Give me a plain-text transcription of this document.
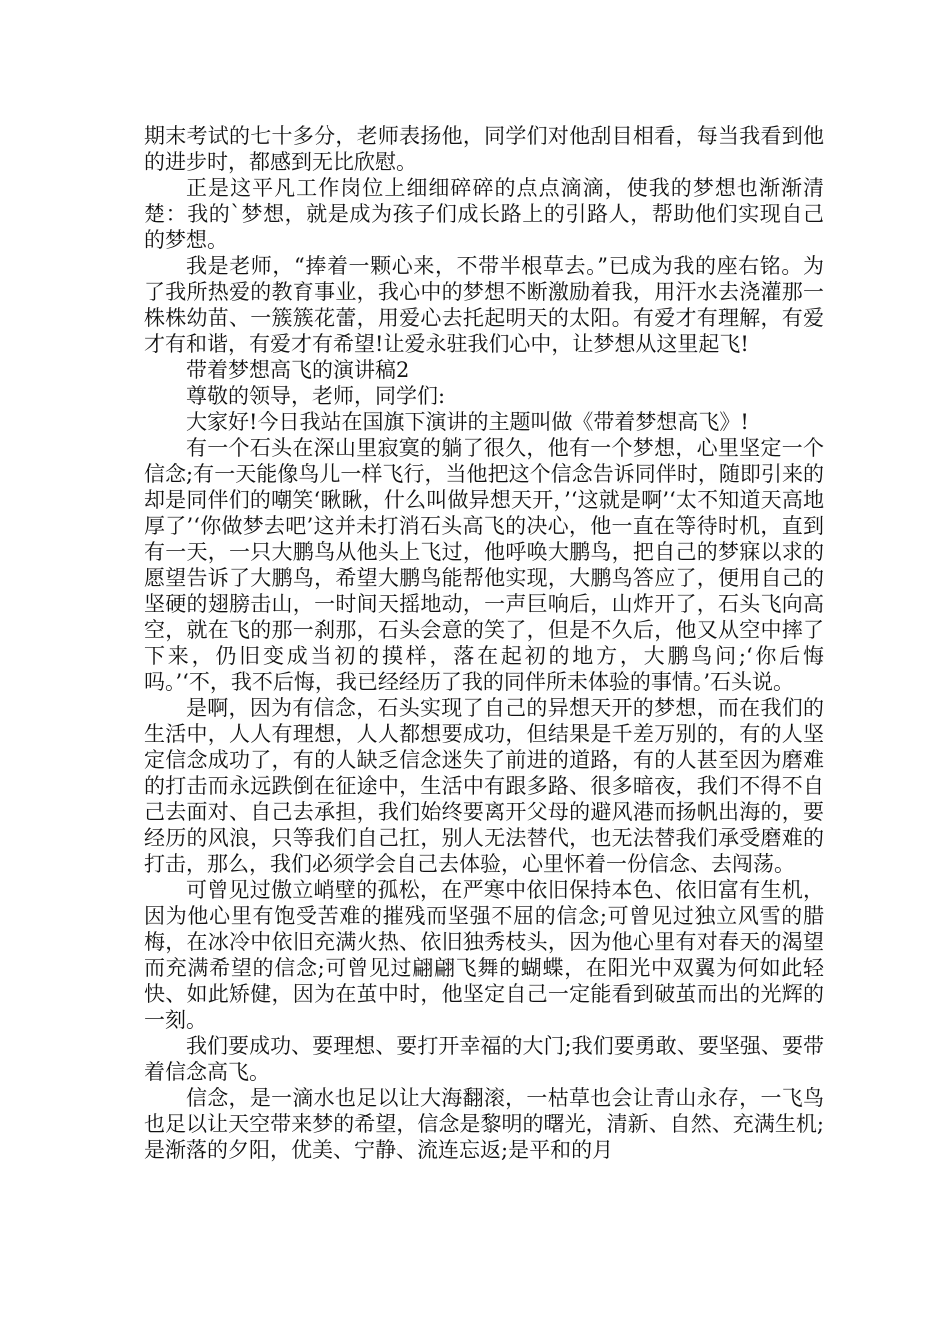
期末考试的七十多分，老师表扬他，同学们对他刮目相看，每当我看到他的进步时，都感到无比欣慰。

正是这平凡工作岗位上细细碎碎的点点滴滴，使我的梦想也渐渐清楚：我的`梦想，就是成为孩子们成长路上的引路人，帮助他们实现自己的梦想。

我是老师，“捧着一颗心来，不带半根草去。”已成为我的座右铭。为了我所热爱的教育事业，我心中的梦想不断激励着我，用汗水去浇灌那一株株幼苗、一簇簇花蕾，用爱心去托起明天的太阳。有爱才有理解，有爱才有和谐，有爱才有希望!让爱永驻我们心中，让梦想从这里起飞!

带着梦想高飞的演讲稿2

尊敬的领导，老师，同学们:

大家好!今日我站在国旗下演讲的主题叫做《带着梦想高飞》!

有一个石头在深山里寂寞的躺了很久，他有一个梦想，心里坚定一个信念;有一天能像鸟儿一样飞行，当他把这个信念告诉同伴时，随即引来的却是同伴们的嘲笑‘瞅瞅，什么叫做异想天开，’‘这就是啊’‘太不知道天高地厚了’‘你做梦去吧’这并未打消石头高飞的决心，他一直在等待时机，直到有一天，一只大鹏鸟从他头上飞过，他呼唤大鹏鸟，把自己的梦寐以求的愿望告诉了大鹏鸟，希望大鹏鸟能帮他实现，大鹏鸟答应了，便用自己的坚硬的翅膀击山，一时间天摇地动，一声巨响后，山炸开了，石头飞向高空，就在飞的那一刹那，石头会意的笑了，但是不久后，他又从空中摔了下来，仍旧变成当初的摸样，落在起初的地方，大鹏鸟问;‘你后悔吗。’‘不，我不后悔，我已经经历了我的同伴所未体验的事情。’石头说。

是啊，因为有信念，石头实现了自己的异想天开的梦想，而在我们的生活中，人人有理想，人人都想要成功，但结果是千差万别的，有的人坚定信念成功了，有的人缺乏信念迷失了前进的道路，有的人甚至因为磨难的打击而永远跌倒在征途中，生活中有跟多路、很多暗夜，我们不得不自己去面对、自己去承担，我们始终要离开父母的避风港而扬帆出海的，要经历的风浪，只等我们自己扛，别人无法替代，也无法替我们承受磨难的打击，那么，我们必须学会自己去体验，心里怀着一份信念、去闯荡。

可曾见过傲立峭壁的孤松，在严寒中依旧保持本色、依旧富有生机，因为他心里有饱受苦难的摧残而坚强不屈的信念;可曾见过独立风雪的腊梅，在冰冷中依旧充满火热、依旧独秀枝头，因为他心里有对春天的渴望而充满希望的信念;可曾见过翩翩飞舞的蝴蝶，在阳光中双翼为何如此轻快、如此矫健，因为在茧中时，他坚定自己一定能看到破茧而出的光辉的一刻。

我们要成功、要理想、要打开幸福的大门;我们要勇敢、要坚强、要带着信念高飞。

信念，是一滴水也足以让大海翻滚，一枯草也会让青山永存，一飞鸟也足以让天空带来梦的希望，信念是黎明的曙光，清新、自然、充满生机;是渐落的夕阳，优美、宁静、流连忘返;是平和的月
